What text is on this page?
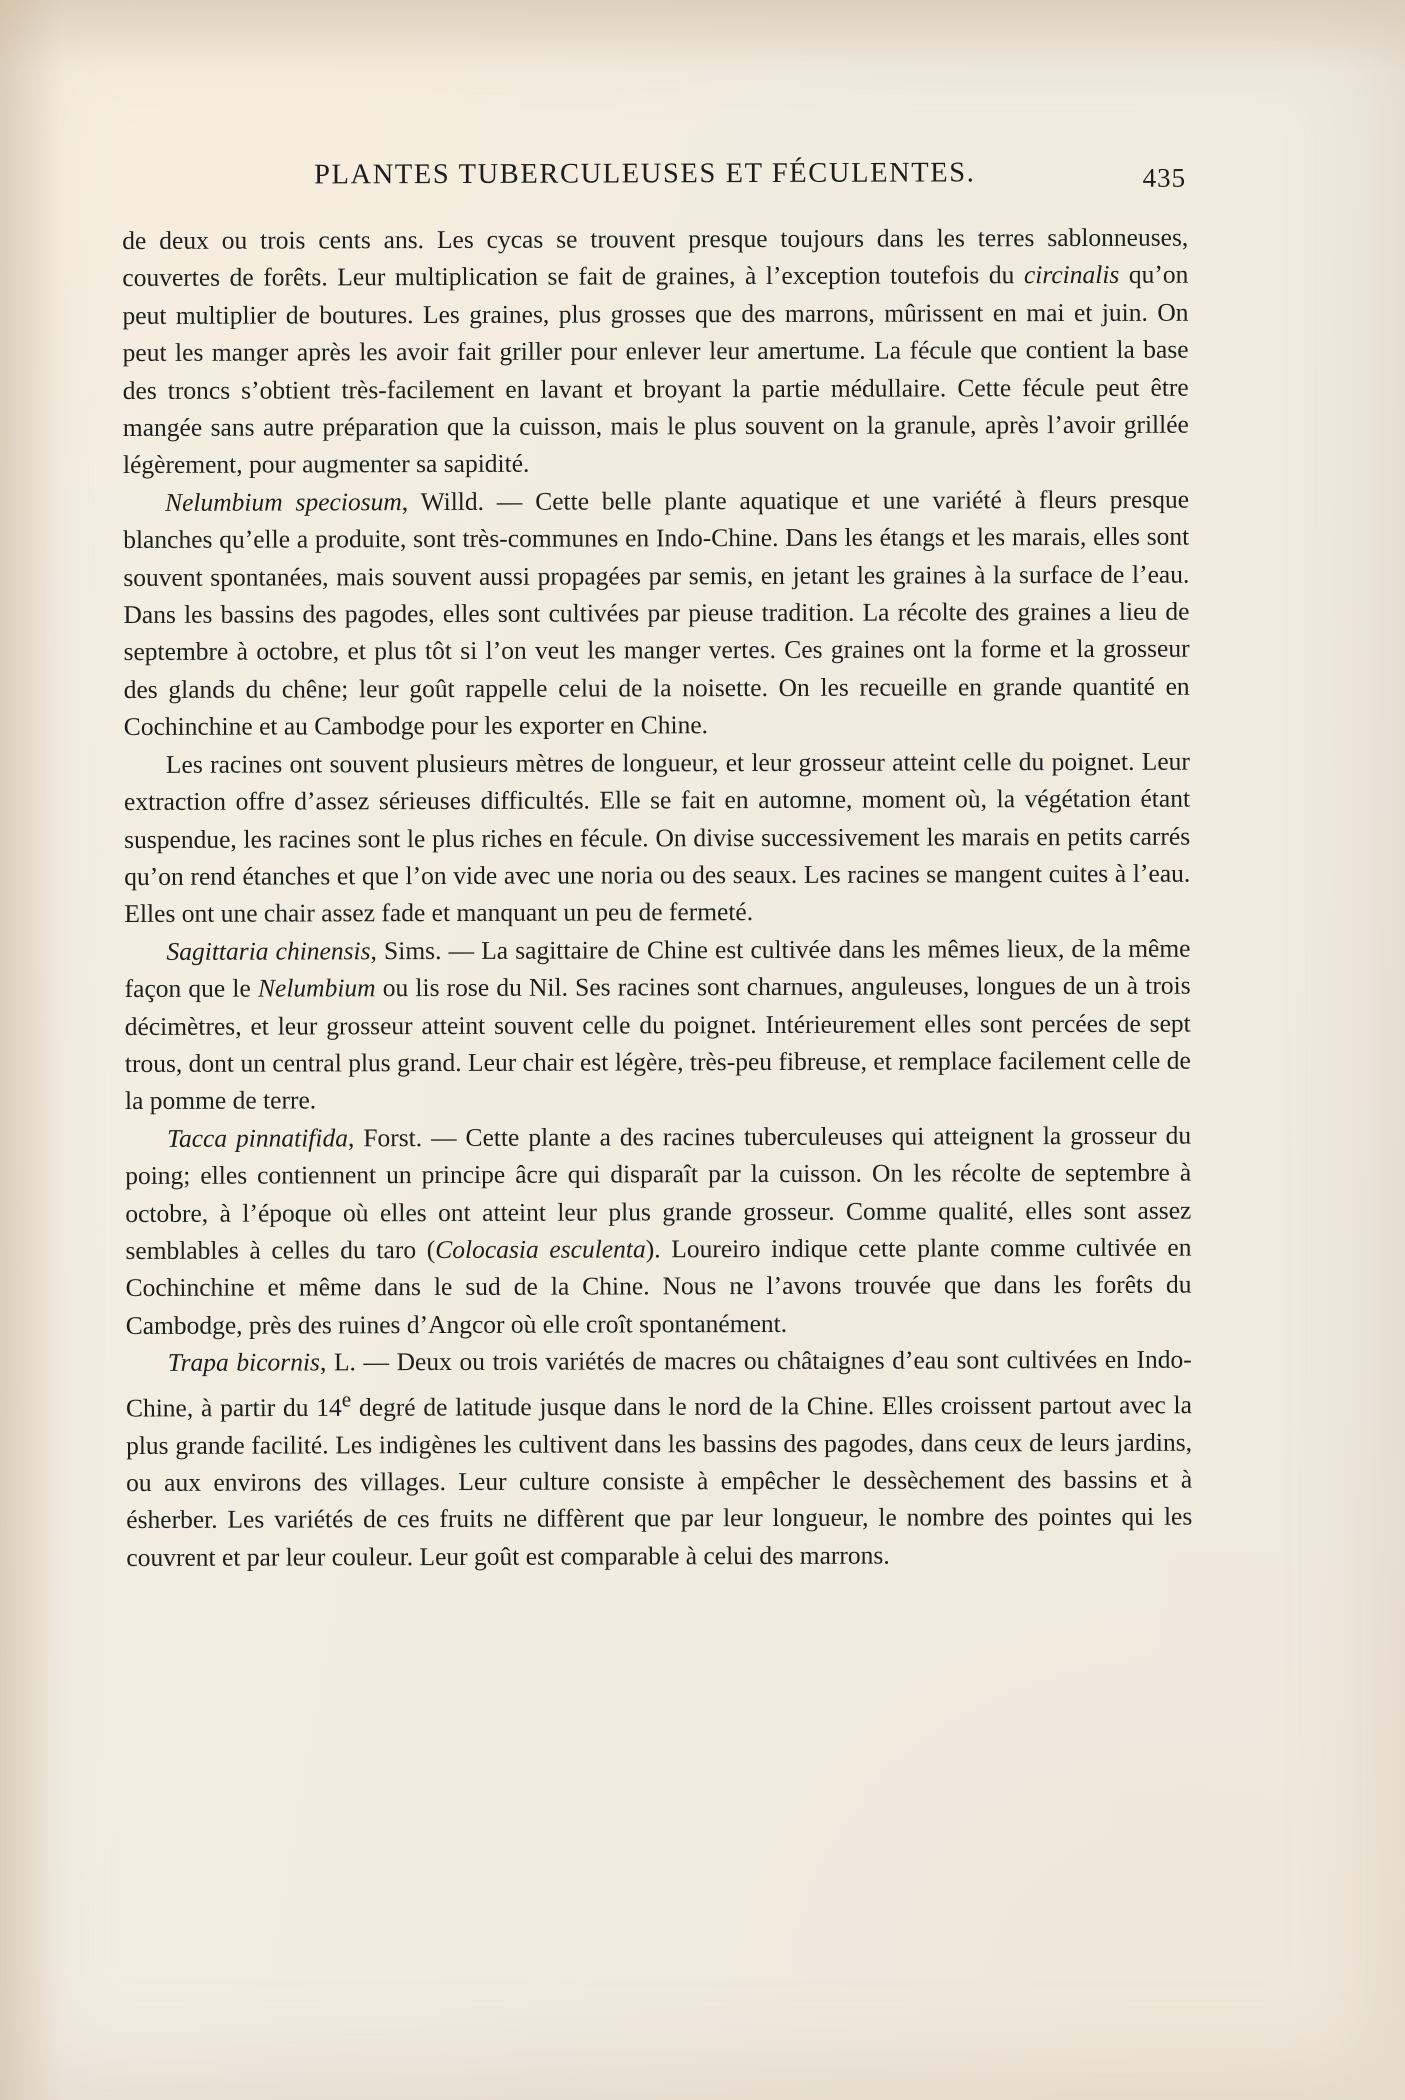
PLANTES TUBERCULEUSES ET FÉCULENTES.	435

de deux ou trois cents ans. Les cycas se trouvent presque toujours dans les terres sablonneuses, couvertes de forêts. Leur multiplication se fait de graines, à l’exception toutefois du circinalis qu’on peut multiplier de boutures. Les graines, plus grosses que des marrons, mûrissent en mai et juin. On peut les manger après les avoir fait griller pour enlever leur amertume. La fécule que contient la base des troncs s’obtient très-facilement en lavant et broyant la partie médullaire. Cette fécule peut être mangée sans autre préparation que la cuisson, mais le plus souvent on la granule, après l’avoir grillée légèrement, pour augmenter sa sapidité.

Nelumbium speciosum, Willd. — Cette belle plante aquatique et une variété à fleurs presque blanches qu’elle a produite, sont très-communes en Indo-Chine. Dans les étangs et les marais, elles sont souvent spontanées, mais souvent aussi propagées par semis, en jetant les graines à la surface de l’eau. Dans les bassins des pagodes, elles sont cultivées par pieuse tradition. La récolte des graines a lieu de septembre à octobre, et plus tôt si l’on veut les manger vertes. Ces graines ont la forme et la grosseur des glands du chêne; leur goût rappelle celui de la noisette. On les recueille en grande quantité en Cochinchine et au Cambodge pour les exporter en Chine.

Les racines ont souvent plusieurs mètres de longueur, et leur grosseur atteint celle du poignet. Leur extraction offre d’assez sérieuses difficultés. Elle se fait en automne, moment où, la végétation étant suspendue, les racines sont le plus riches en fécule. On divise successivement les marais en petits carrés qu’on rend étanches et que l’on vide avec une noria ou des seaux. Les racines se mangent cuites à l’eau. Elles ont une chair assez fade et manquant un peu de fermeté.

Sagittaria chinensis, Sims. — La sagittaire de Chine est cultivée dans les mêmes lieux, de la même façon que le Nelumbium ou lis rose du Nil. Ses racines sont charnues, anguleuses, longues de un à trois décimètres, et leur grosseur atteint souvent celle du poignet. Intérieurement elles sont percées de sept trous, dont un central plus grand. Leur chair est légère, très-peu fibreuse, et remplace facilement celle de la pomme de terre.

Tacca pinnatifida, Forst. — Cette plante a des racines tuberculeuses qui atteignent la grosseur du poing; elles contiennent un principe âcre qui disparaît par la cuisson. On les récolte de septembre à octobre, à l’époque où elles ont atteint leur plus grande grosseur. Comme qualité, elles sont assez semblables à celles du taro (Colocasia esculenta). Loureiro indique cette plante comme cultivée en Cochinchine et même dans le sud de la Chine. Nous ne l’avons trouvée que dans les forêts du Cambodge, près des ruines d’Angcor où elle croît spontanément.

Trapa bicornis, L. — Deux ou trois variétés de macres ou châtaignes d’eau sont cultivées en Indo-Chine, à partir du 14e degré de latitude jusque dans le nord de la Chine. Elles croissent partout avec la plus grande facilité. Les indigènes les cultivent dans les bassins des pagodes, dans ceux de leurs jardins, ou aux environs des villages. Leur culture consiste à empêcher le dessèchement des bassins et à ésherber. Les variétés de ces fruits ne diffèrent que par leur longueur, le nombre des pointes qui les couvrent et par leur couleur. Leur goût est comparable à celui des marrons.
